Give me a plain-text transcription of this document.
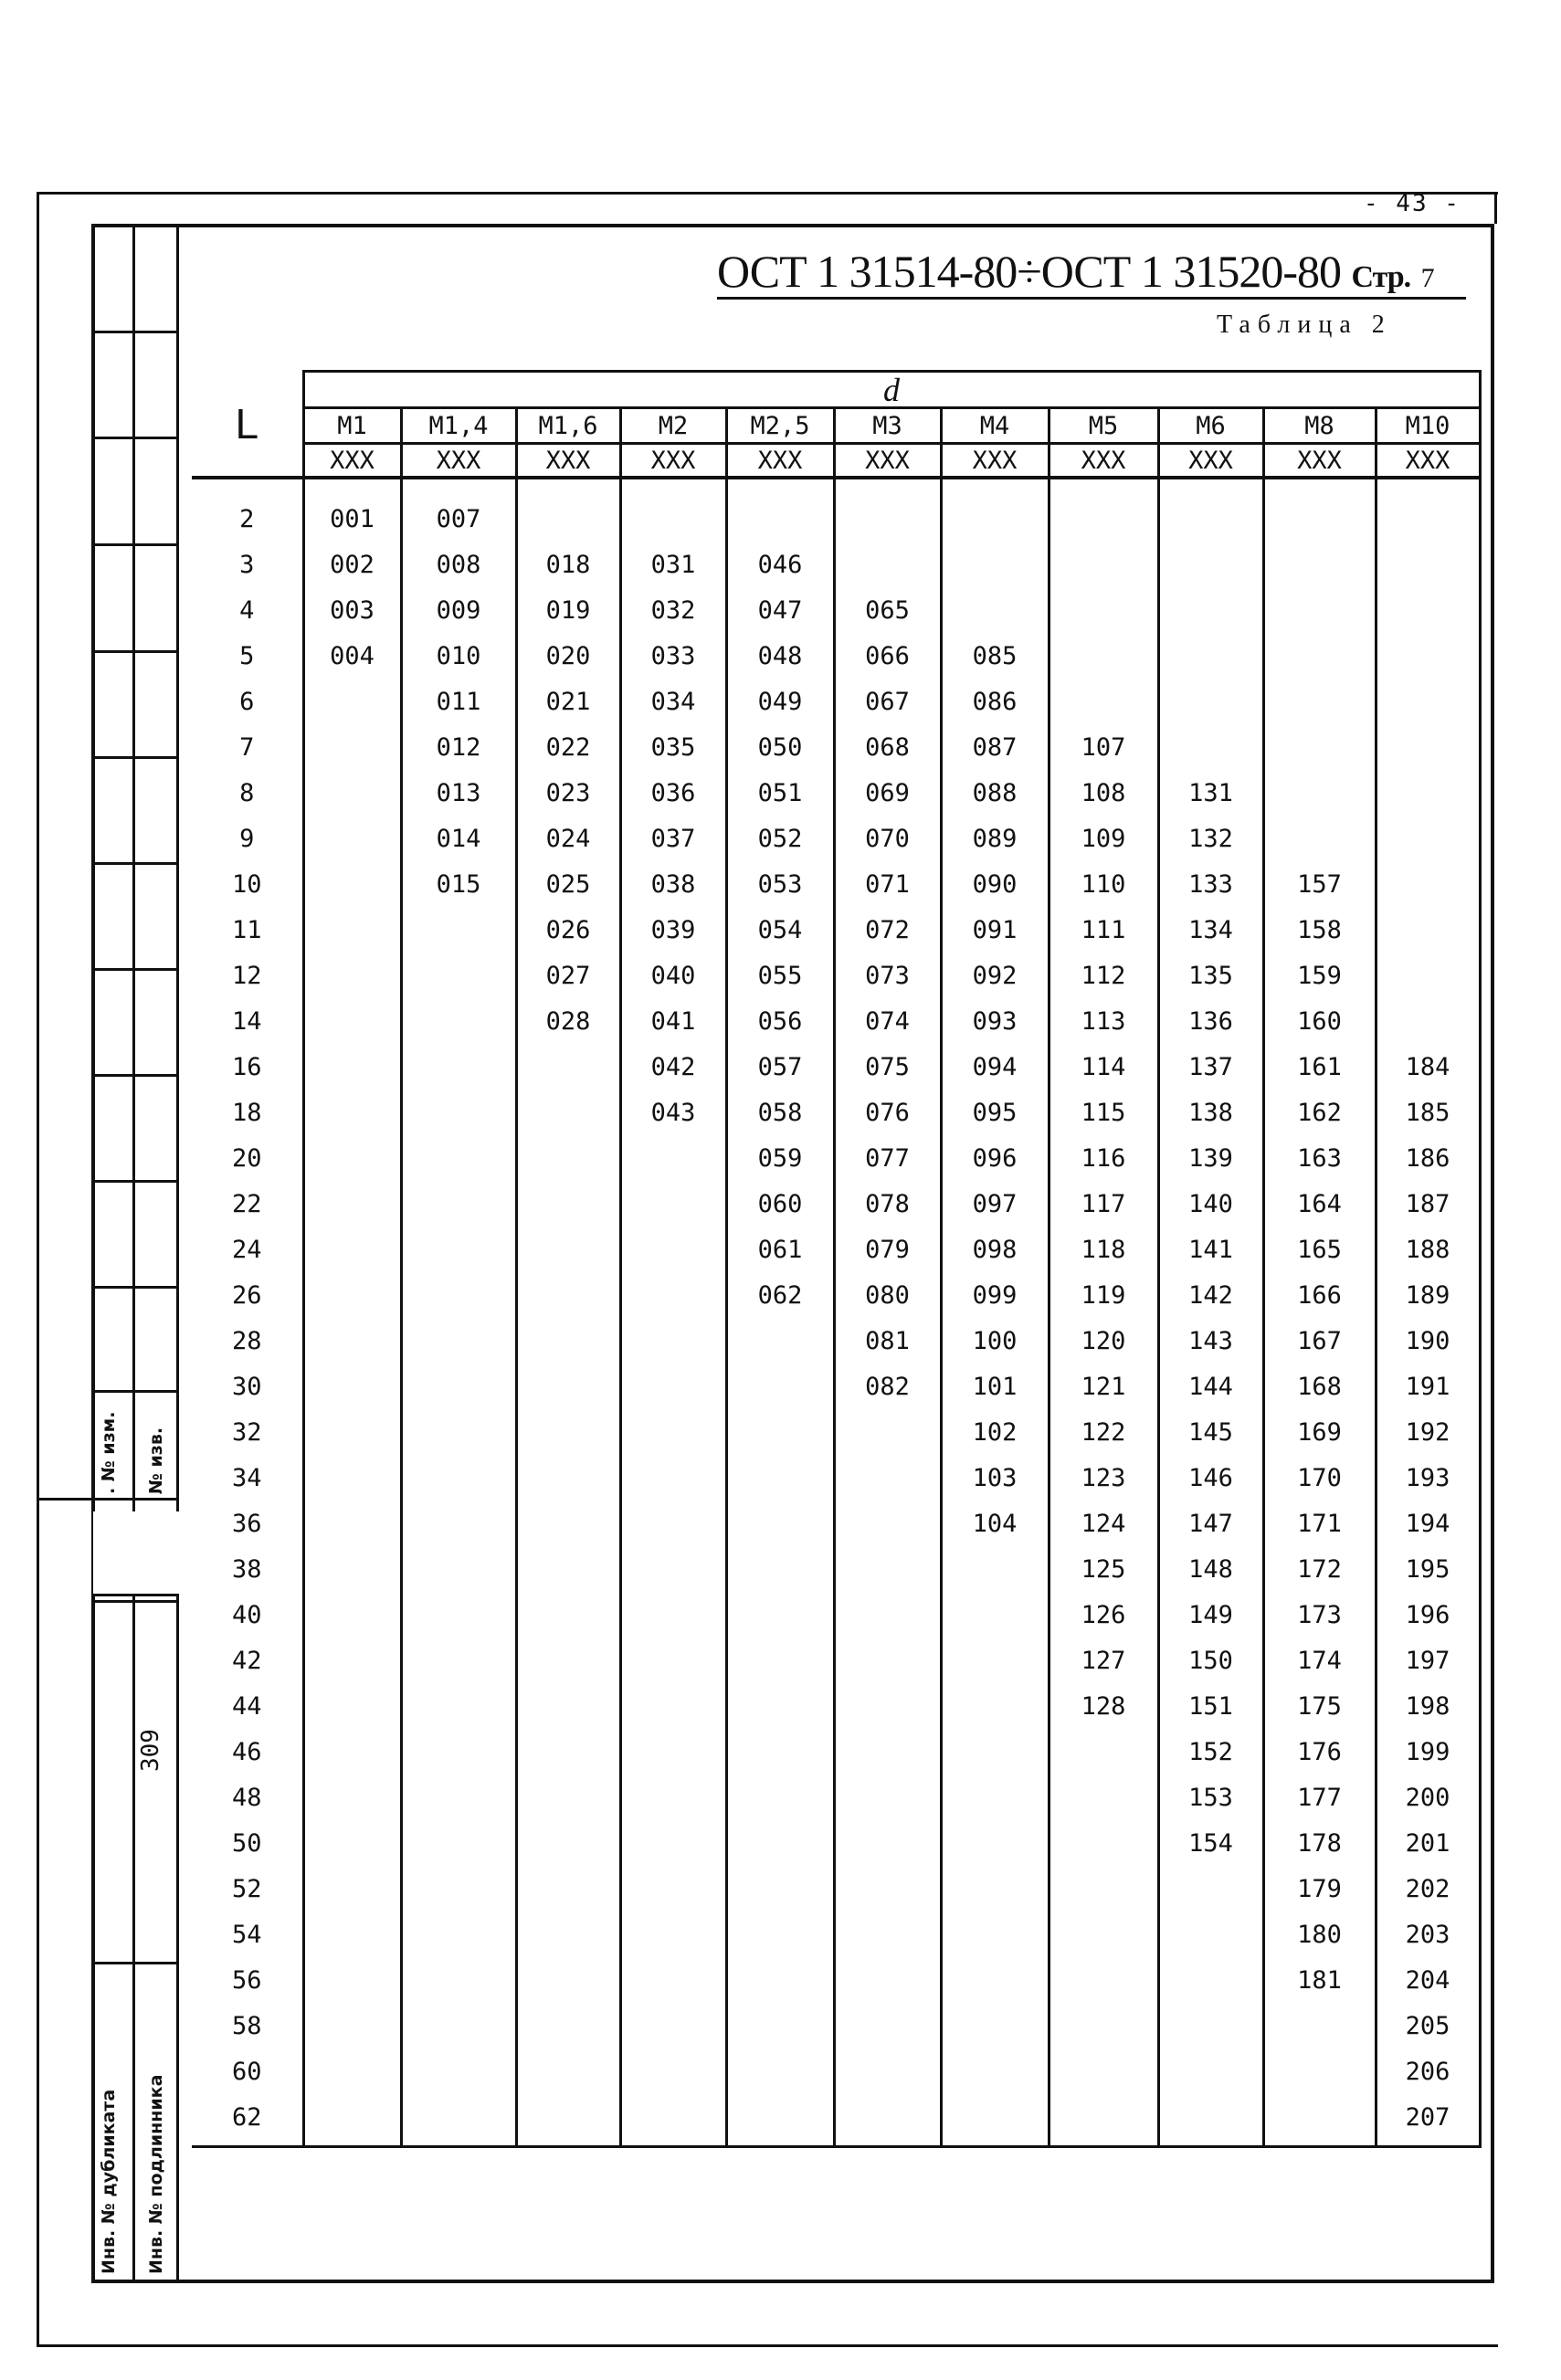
- 43 -
. № изм. № изв.
309
Инв. № дубликата Инв. № подлинника
ОСТ 1 31514-80÷ОСТ 1 31520-80 Стр. 7
Таблица 2
L	d										
	M1	M1,4	M1,6	M2	M2,5	M3	M4	M5	M6	M8	M10
	XXX	XXX	XXX	XXX	XXX	XXX	XXX	XXX	XXX	XXX	XXX
2	001	007									
3	002	008	018	031	046						
4	003	009	019	032	047	065					
5	004	010	020	033	048	066	085				
6		011	021	034	049	067	086				
7		012	022	035	050	068	087	107			
8		013	023	036	051	069	088	108	131		
9		014	024	037	052	070	089	109	132		
10		015	025	038	053	071	090	110	133	157	
11			026	039	054	072	091	111	134	158	
12			027	040	055	073	092	112	135	159	
14			028	041	056	074	093	113	136	160	
16				042	057	075	094	114	137	161	184
18				043	058	076	095	115	138	162	185
20					059	077	096	116	139	163	186
22					060	078	097	117	140	164	187
24					061	079	098	118	141	165	188
26					062	080	099	119	142	166	189
28						081	100	120	143	167	190
30						082	101	121	144	168	191
32							102	122	145	169	192
34							103	123	146	170	193
36							104	124	147	171	194
38								125	148	172	195
40								126	149	173	196
42								127	150	174	197
44								128	151	175	198
46									152	176	199
48									153	177	200
50									154	178	201
52										179	202
54										180	203
56										181	204
58											205
60											206
62											207
